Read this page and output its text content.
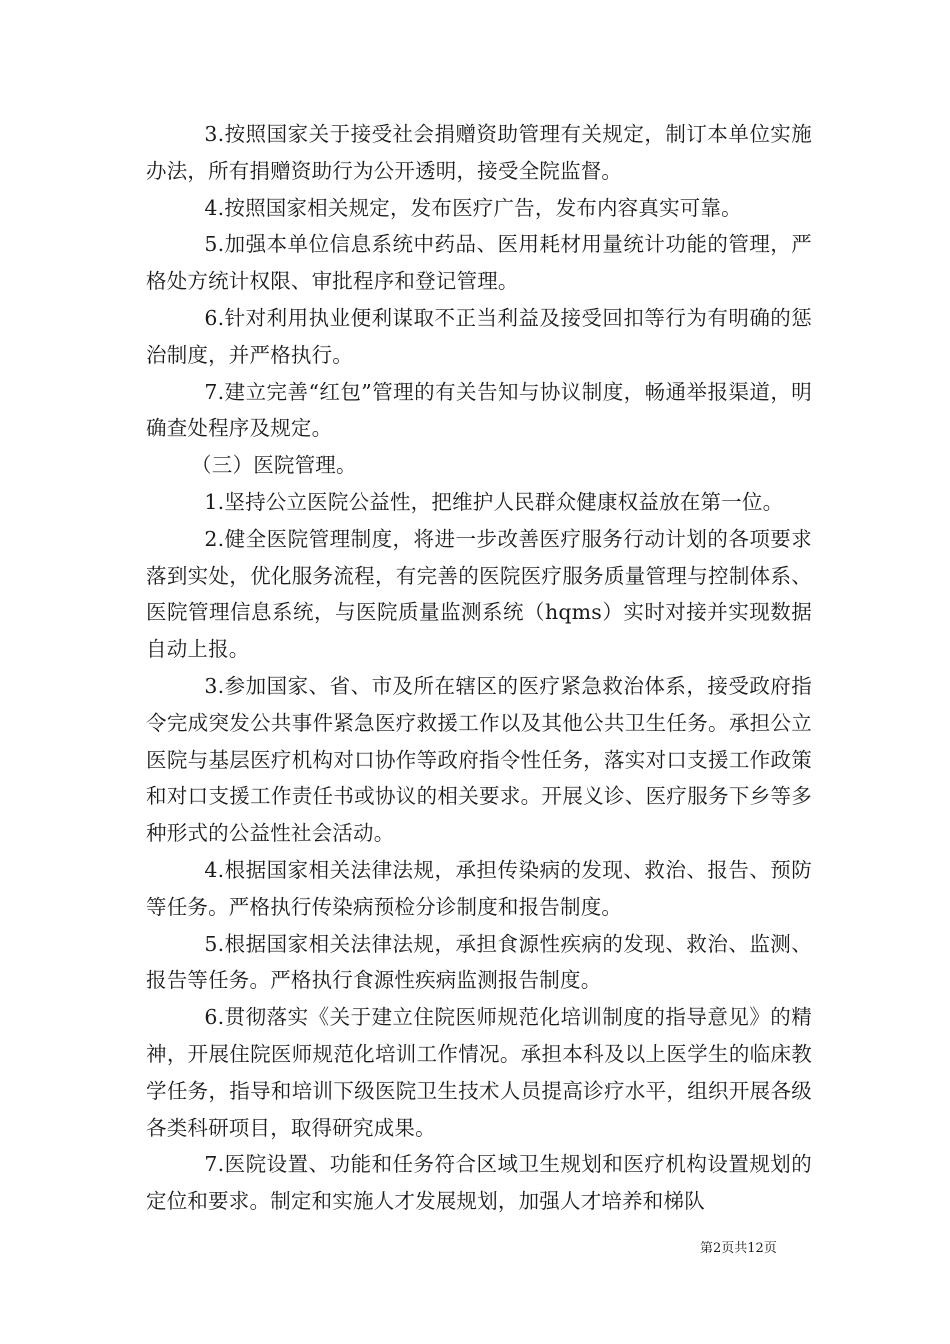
3.按照国家关于接受社会捐赠资助管理有关规定，制订本单位实施办法，所有捐赠资助行为公开透明，接受全院监督。

4.按照国家相关规定，发布医疗广告，发布内容真实可靠。

5.加强本单位信息系统中药品、医用耗材用量统计功能的管理，严格处方统计权限、审批程序和登记管理。

6.针对利用执业便利谋取不正当利益及接受回扣等行为有明确的惩治制度，并严格执行。

7.建立完善“红包”管理的有关告知与协议制度，畅通举报渠道，明确查处程序及规定。

（三）医院管理。

1.坚持公立医院公益性，把维护人民群众健康权益放在第一位。

2.健全医院管理制度，将进一步改善医疗服务行动计划的各项要求落到实处，优化服务流程，有完善的医院医疗服务质量管理与控制体系、医院管理信息系统，与医院质量监测系统（hqms）实时对接并实现数据自动上报。

3.参加国家、省、市及所在辖区的医疗紧急救治体系，接受政府指令完成突发公共事件紧急医疗救援工作以及其他公共卫生任务。承担公立医院与基层医疗机构对口协作等政府指令性任务，落实对口支援工作政策和对口支援工作责任书或协议的相关要求。开展义诊、医疗服务下乡等多种形式的公益性社会活动。

4.根据国家相关法律法规，承担传染病的发现、救治、报告、预防等任务。严格执行传染病预检分诊制度和报告制度。

5.根据国家相关法律法规，承担食源性疾病的发现、救治、监测、报告等任务。严格执行食源性疾病监测报告制度。

6.贯彻落实《关于建立住院医师规范化培训制度的指导意见》的精神，开展住院医师规范化培训工作情况。承担本科及以上医学生的临床教学任务，指导和培训下级医院卫生技术人员提高诊疗水平，组织开展各级各类科研项目，取得研究成果。

7.医院设置、功能和任务符合区域卫生规划和医疗机构设置规划的定位和要求。制定和实施人才发展规划，加强人才培养和梯队

第2页共12页
